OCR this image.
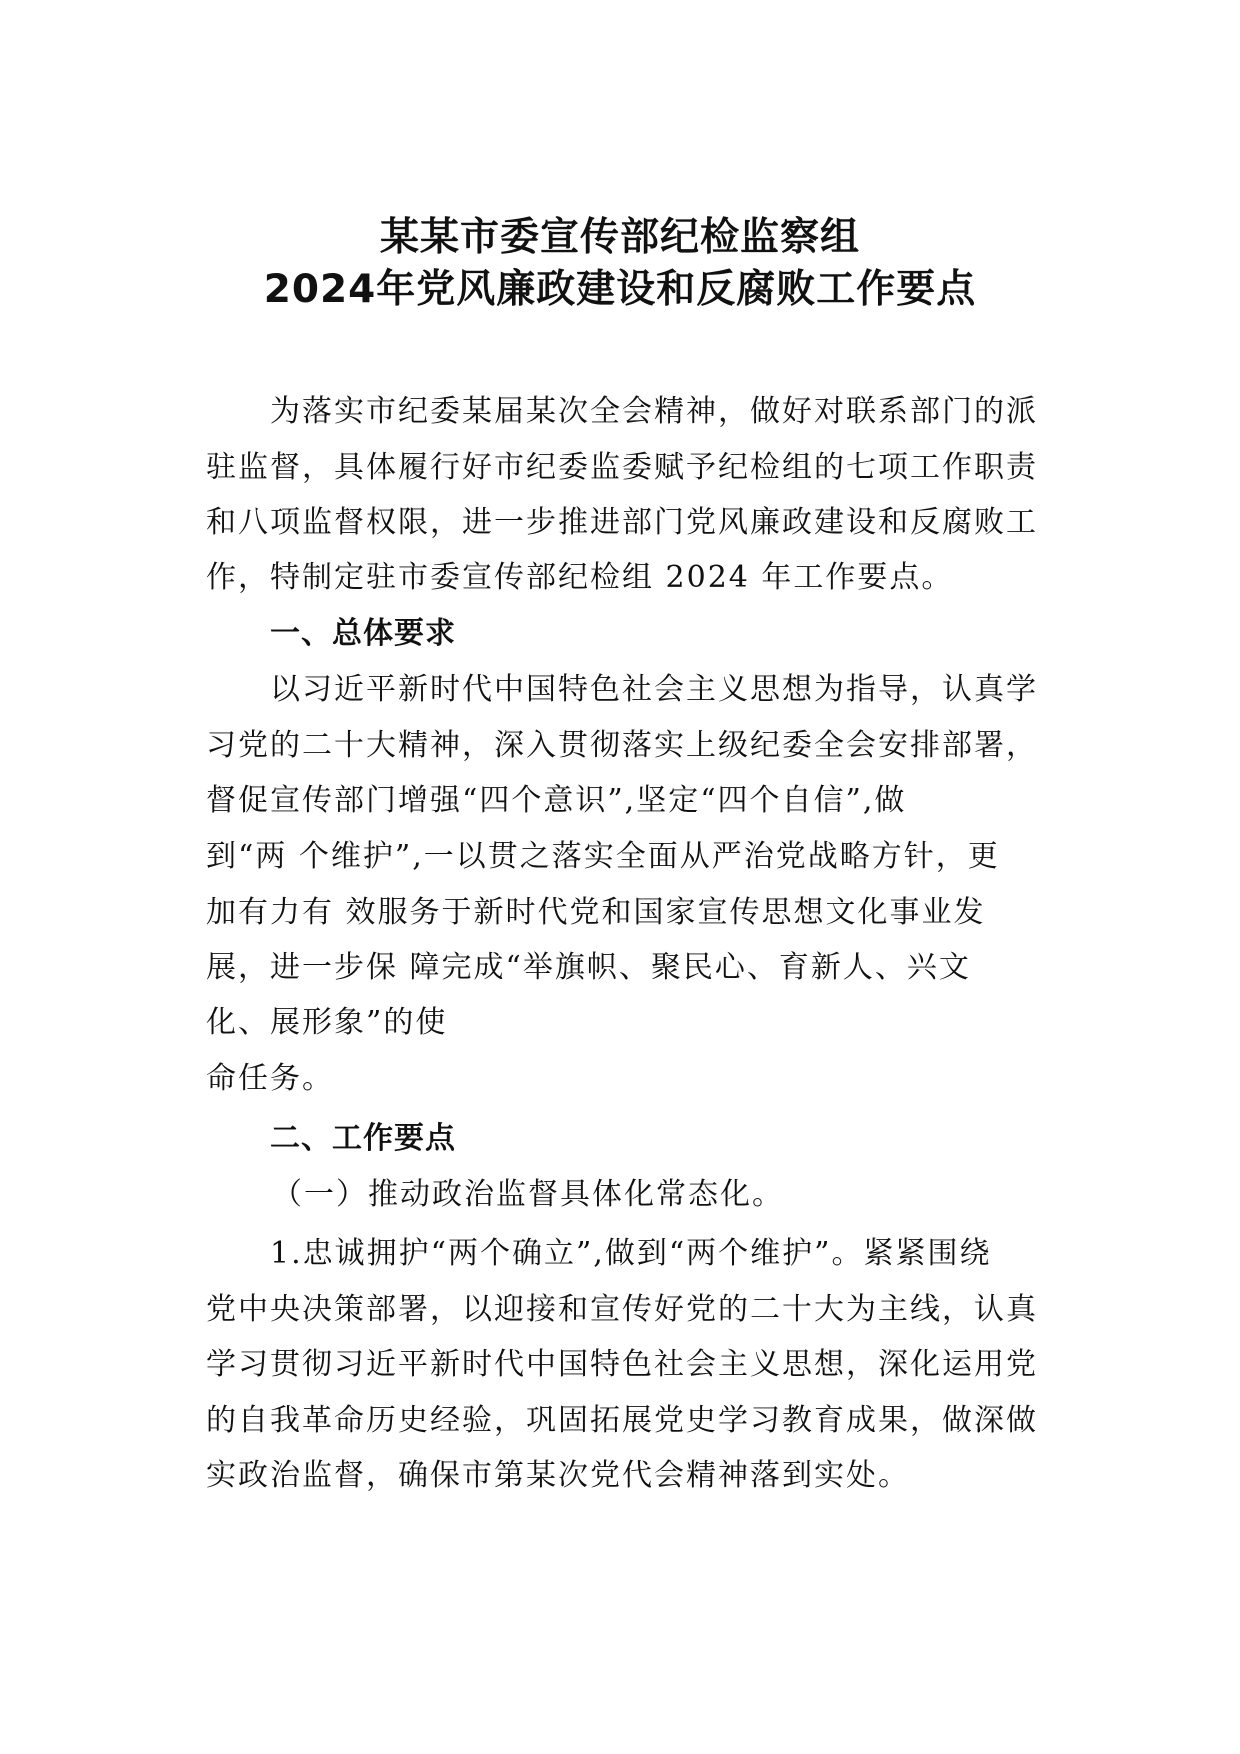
某某市委宣传部纪检监察组
2024年党风廉政建设和反腐败工作要点
为落实市纪委某届某次全会精神，做好对联系部门的派
驻监督，具体履行好市纪委监委赋予纪检组的七项工作职责
和八项监督权限，进一步推进部门党风廉政建设和反腐败工
作，特制定驻市委宣传部纪检组 2024 年工作要点。
一、总体要求
以习近平新时代中国特色社会主义思想为指导，认真学
习党的二十大精神，深入贯彻落实上级纪委全会安排部署，
督促宣传部门增强“四个意识”,坚定“四个自信”,做
到“两 个维护”,一以贯之落实全面从严治党战略方针，更
加有力有 效服务于新时代党和国家宣传思想文化事业发
展，进一步保 障完成“举旗帜、聚民心、育新人、兴文
化、展形象”的使
命任务。
二、工作要点
（一）推动政治监督具体化常态化。
1.忠诚拥护“两个确立”,做到“两个维护”。紧紧围绕
党中央决策部署，以迎接和宣传好党的二十大为主线，认真
学习贯彻习近平新时代中国特色社会主义思想，深化运用党
的自我革命历史经验，巩固拓展党史学习教育成果，做深做
实政治监督，确保市第某次党代会精神落到实处。
